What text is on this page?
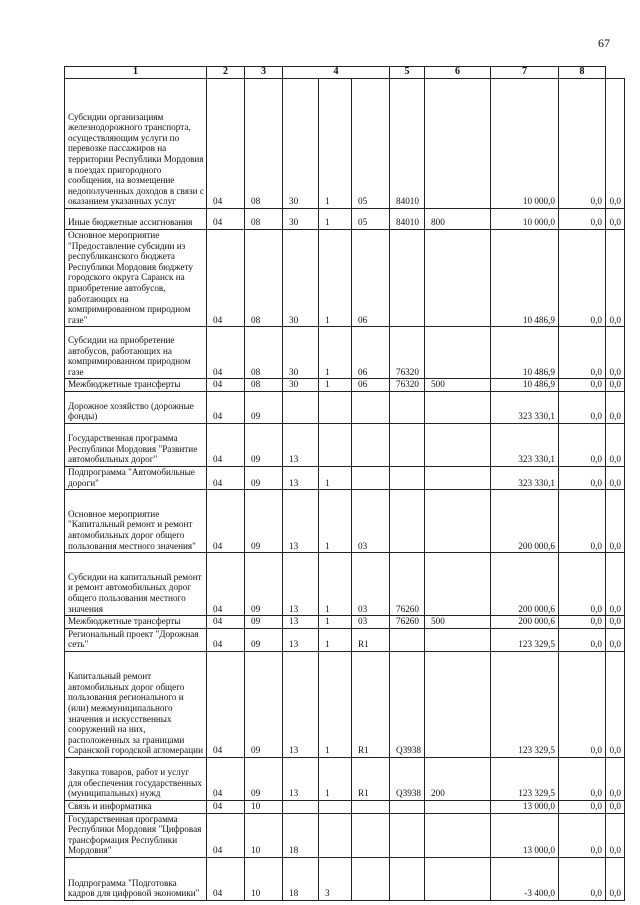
67
1	2	3	4			5	6	7	8	
Субсидии организациям железнодорожного транспорта, осуществляющим услуги по перевозке пассажиров на территории Республики Мордовия в поездах пригородного сообщения, на возмещение недополученных доходов в связи с оказанием указанных услуг	04	08	30	1	05	84010		10 000,0	0,0	0,0
Иные бюджетные ассигнования	04	08	30	1	05	84010	800	10 000,0	0,0	0,0
Основное мероприятие "Предоставление субсидии из республиканского бюджета Республики Мордовия бюджету городского округа Саранск на приобретение автобусов, работающих на компримированном природном газе"	04	08	30	1	06			10 486,9	0,0	0,0
Субсидии на приобретение автобусов, работающих на компримированном природном газе	04	08	30	1	06	76320		10 486,9	0,0	0,0
Межбюджетные трансферты	04	08	30	1	06	76320	500	10 486,9	0,0	0,0
Дорожное хозяйство (дорожные фонды)	04	09						323 330,1	0,0	0,0
Государственная программа Республики Мордовия "Развитие автомобильных дорог"	04	09	13					323 330,1	0,0	0,0
Подпрограмма "Автомобильные дороги"	04	09	13	1				323 330,1	0,0	0,0
Основное мероприятие "Капитальный ремонт и ремонт автомобильных дорог общего пользования местного значения"	04	09	13	1	03			200 000,6	0,0	0,0
Субсидии на капитальный ремонт и ремонт автомобильных дорог общего пользования местного значения	04	09	13	1	03	76260		200 000,6	0,0	0,0
Межбюджетные трансферты	04	09	13	1	03	76260	500	200 000,6	0,0	0,0
Региональный проект "Дорожная сеть"	04	09	13	1	R1			123 329,5	0,0	0,0
Капитальный ремонт автомобильных дорог общего пользования регионального и (или) межмуниципального значения и искусственных сооружений на них, расположенных за границами Саранской городской агломерации	04	09	13	1	R1	Q3938		123 329,5	0,0	0,0
Закупка товаров, работ и услуг для обеспечения государственных (муниципальных) нужд	04	09	13	1	R1	Q3938	200	123 329,5	0,0	0,0
Связь и информатика	04	10						13 000,0	0,0	0,0
Государственная программа Республики Мордовия "Цифровая трансформация Республики Мордовия"	04	10	18					13 000,0	0,0	0,0
Подпрограмма "Подготовка кадров для цифровой экономики"	04	10	18	3				-3 400,0	0,0	0,0
